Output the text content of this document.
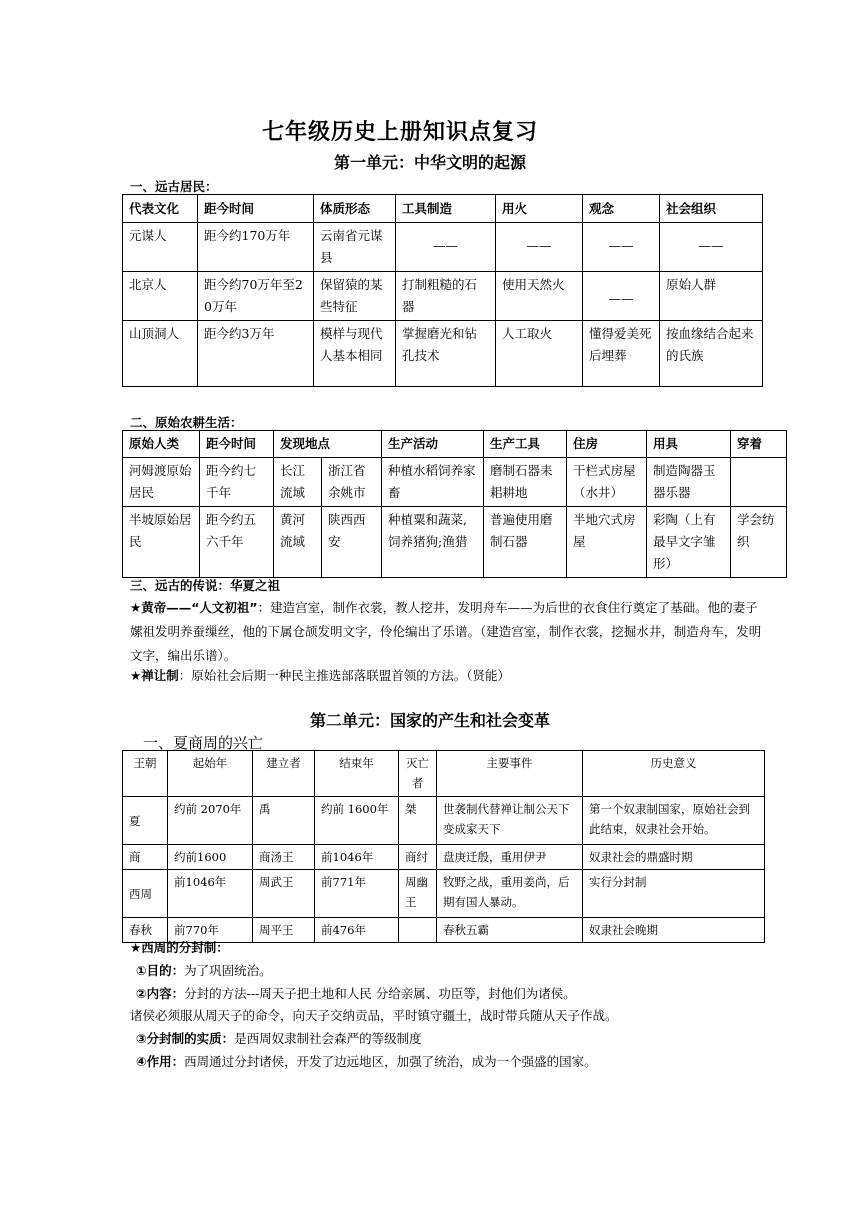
七年级历史上册知识点复习
第一单元：中华文明的起源
一、远古居民：
代表文化	距今时间	体质形态	工具制造	用火	观念	社会组织
元谋人	距今约170万年	云南省元谋县	——	——	——	——

北京人	距今约70万年至20万年	保留猿的某些特征	打制粗糙的石器	使用天然火	——	原始人群
山顶洞人	距今约3万年	模样与现代人基本相同	掌握磨光和钻孔技术	人工取火	懂得爱美死后埋葬	按血缘结合起来的氏族
二、原始农耕生活：
原始人类	距今时间	发现地点		生产活动	生产工具	住房	用具	穿着
河姆渡原始居民	距今约七千年	长江流域	浙江省余姚市	种植水稻饲养家畜	磨制石器耒耜耕地	干栏式房屋（水井）	制造陶器玉器乐器	
半坡原始居民	距今约五六千年	黄河流域	陕西西安	种植粟和蔬菜,饲养猪狗;渔猎	普遍使用磨制石器	半地穴式房屋	彩陶（上有最早文字雏形）	学会纺织
三、远古的传说：华夏之祖
★黄帝——“人文初祖”：建造宫室，制作衣裳，教人挖井，发明舟车——为后世的衣食住行奠定了基础。他的妻子嫘祖发明养蚕缫丝，他的下属仓颉发明文字，伶伦编出了乐谱。（建造宫室，制作衣裳，挖掘水井，制造舟车，发明文字，编出乐谱）。
★禅让制：原始社会后期一种民主推选部落联盟首领的方法。（贤能）
第二单元：国家的产生和社会变革
一、夏商周的兴亡
王朝	起始年	建立者	结束年	灭亡者	主要事件	历史意义
夏	约前 2070年	禹	约前 1600年	桀	世袭制代替禅让制公天下变成家天下	第一个奴隶制国家，原始社会到此结束，奴隶社会开始。
商	约前1600	商汤王	前1046年	商纣	盘庚迁殷，重用伊尹	奴隶社会的鼎盛时期
西周	前1046年	周武王	前771年	周幽王	牧野之战，重用姜尚，后期有国人暴动。	实行分封制
春秋	前770年	周平王	前476年		春秋五霸	奴隶社会晚期
★西周的分封制：
①目的：为了巩固统治。
②内容：分封的方法---周天子把土地和人民 分给亲属、功臣等，封他们为诸侯。
诸侯必须服从周天子的命令，向天子交纳贡品，平时镇守疆土，战时带兵随从天子作战。
③分封制的实质：是西周奴隶制社会森严的等级制度
④作用：西周通过分封诸侯，开发了边远地区，加强了统治，成为一个强盛的国家。
